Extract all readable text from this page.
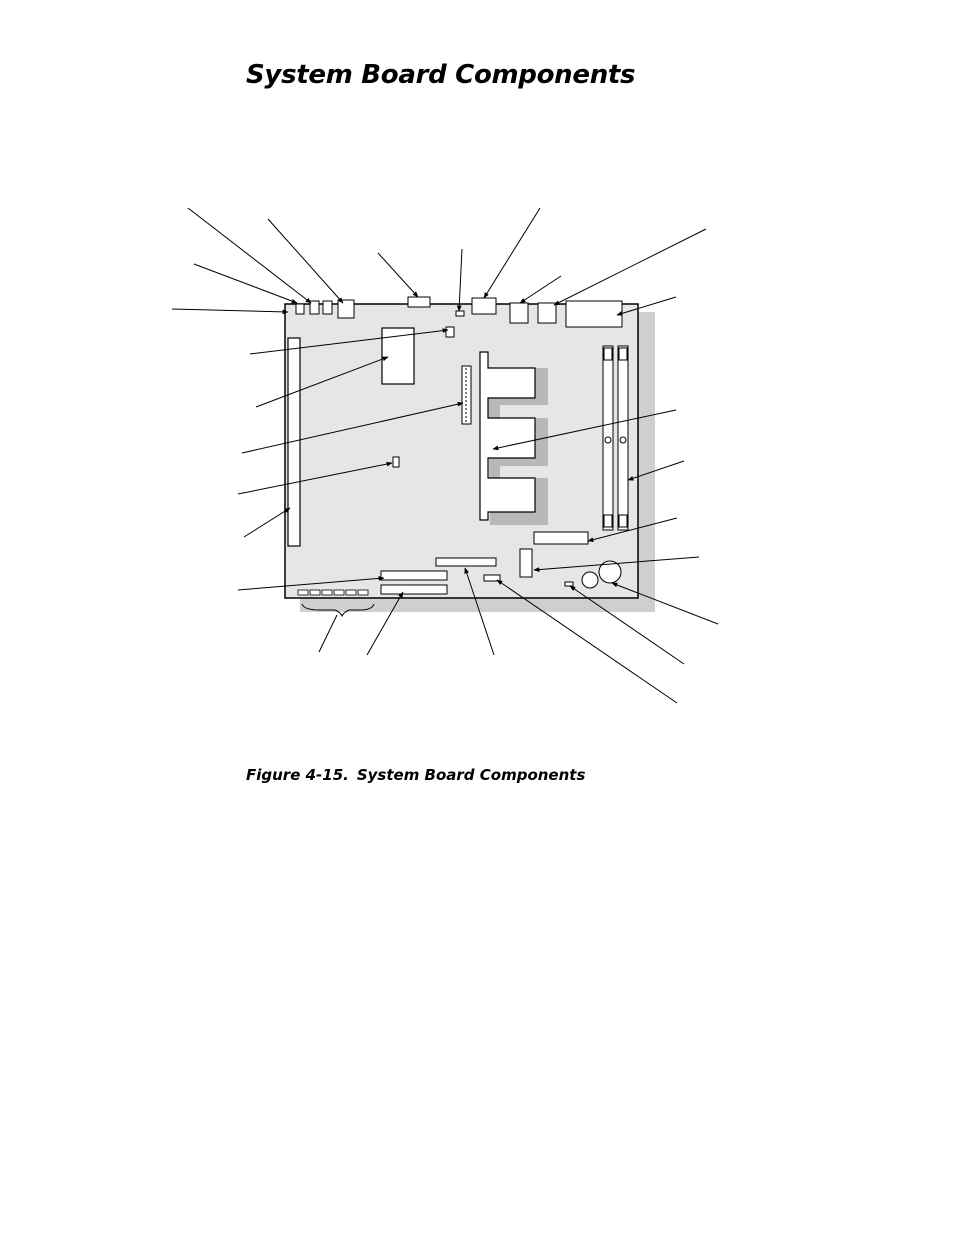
System Board Components
Figure 4-15. System Board Components
